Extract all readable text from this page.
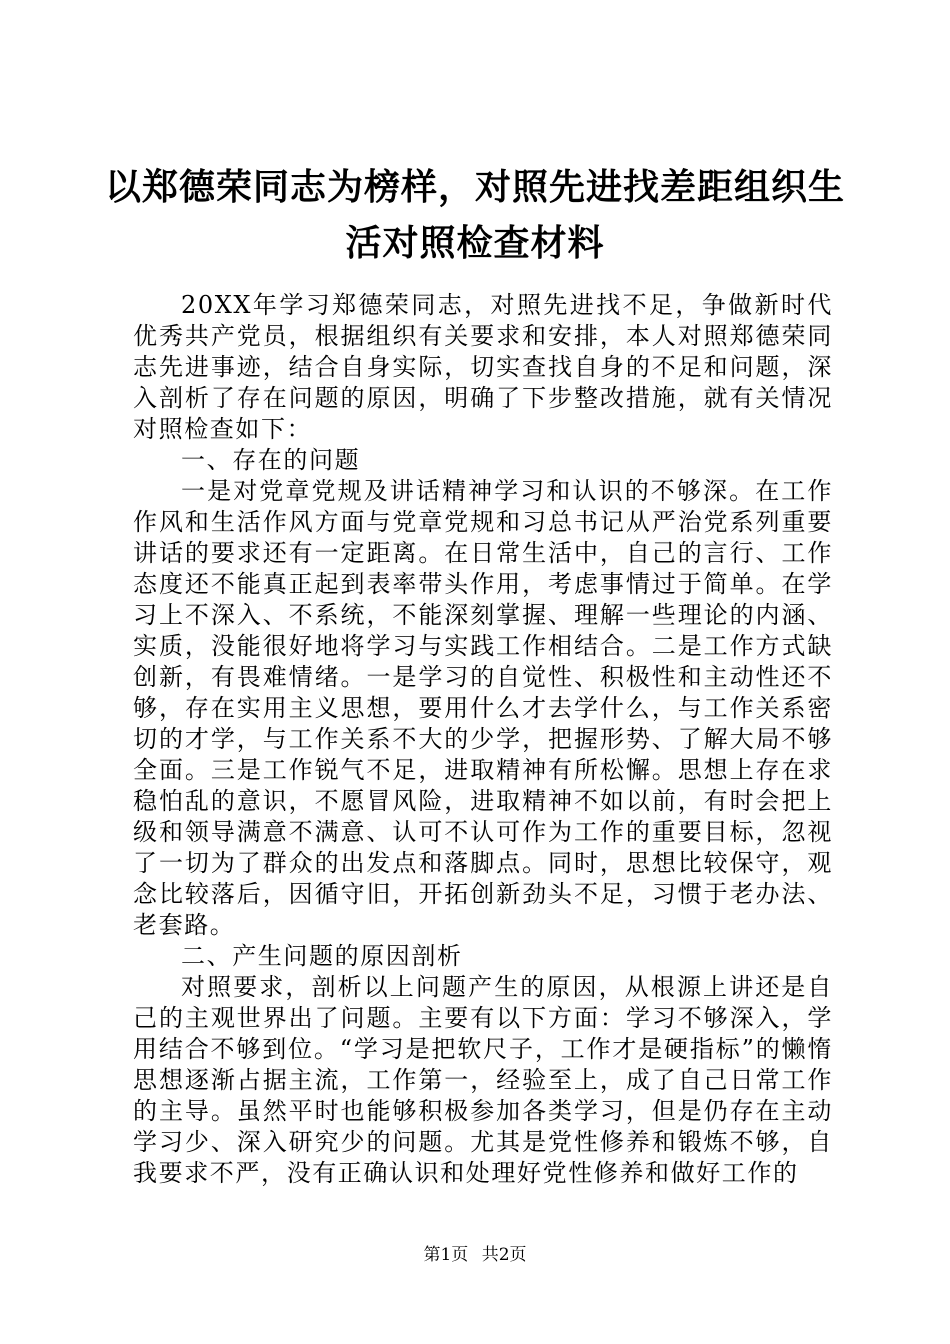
以郑德荣同志为榜样，对照先进找差距组织生活对照检查材料

20XX年学习郑德荣同志，对照先进找不足，争做新时代优秀共产党员，根据组织有关要求和安排，本人对照郑德荣同志先进事迹，结合自身实际，切实查找自身的不足和问题，深入剖析了存在问题的原因，明确了下步整改措施，就有关情况对照检查如下：

一、存在的问题

一是对党章党规及讲话精神学习和认识的不够深。在工作作风和生活作风方面与党章党规和习总书记从严治党系列重要讲话的要求还有一定距离。在日常生活中，自己的言行、工作态度还不能真正起到表率带头作用，考虑事情过于简单。在学习上不深入、不系统，不能深刻掌握、理解一些理论的内涵、实质，没能很好地将学习与实践工作相结合。二是工作方式缺创新，有畏难情绪。一是学习的自觉性、积极性和主动性还不够，存在实用主义思想，要用什么才去学什么，与工作关系密切的才学，与工作关系不大的少学，把握形势、了解大局不够全面。三是工作锐气不足，进取精神有所松懈。思想上存在求稳怕乱的意识，不愿冒风险，进取精神不如以前，有时会把上级和领导满意不满意、认可不认可作为工作的重要目标，忽视了一切为了群众的出发点和落脚点。同时，思想比较保守，观念比较落后，因循守旧，开拓创新劲头不足，习惯于老办法、老套路。

二、产生问题的原因剖析

对照要求，剖析以上问题产生的原因，从根源上讲还是自己的主观世界出了问题。主要有以下方面：学习不够深入，学用结合不够到位。“学习是把软尺子，工作才是硬指标”的懒惰思想逐渐占据主流，工作第一，经验至上，成了自己日常工作的主导。虽然平时也能够积极参加各类学习，但是仍存在主动学习少、深入研究少的问题。尤其是党性修养和锻炼不够，自我要求不严，没有正确认识和处理好党性修养和做好工作的

第1页 共2页
